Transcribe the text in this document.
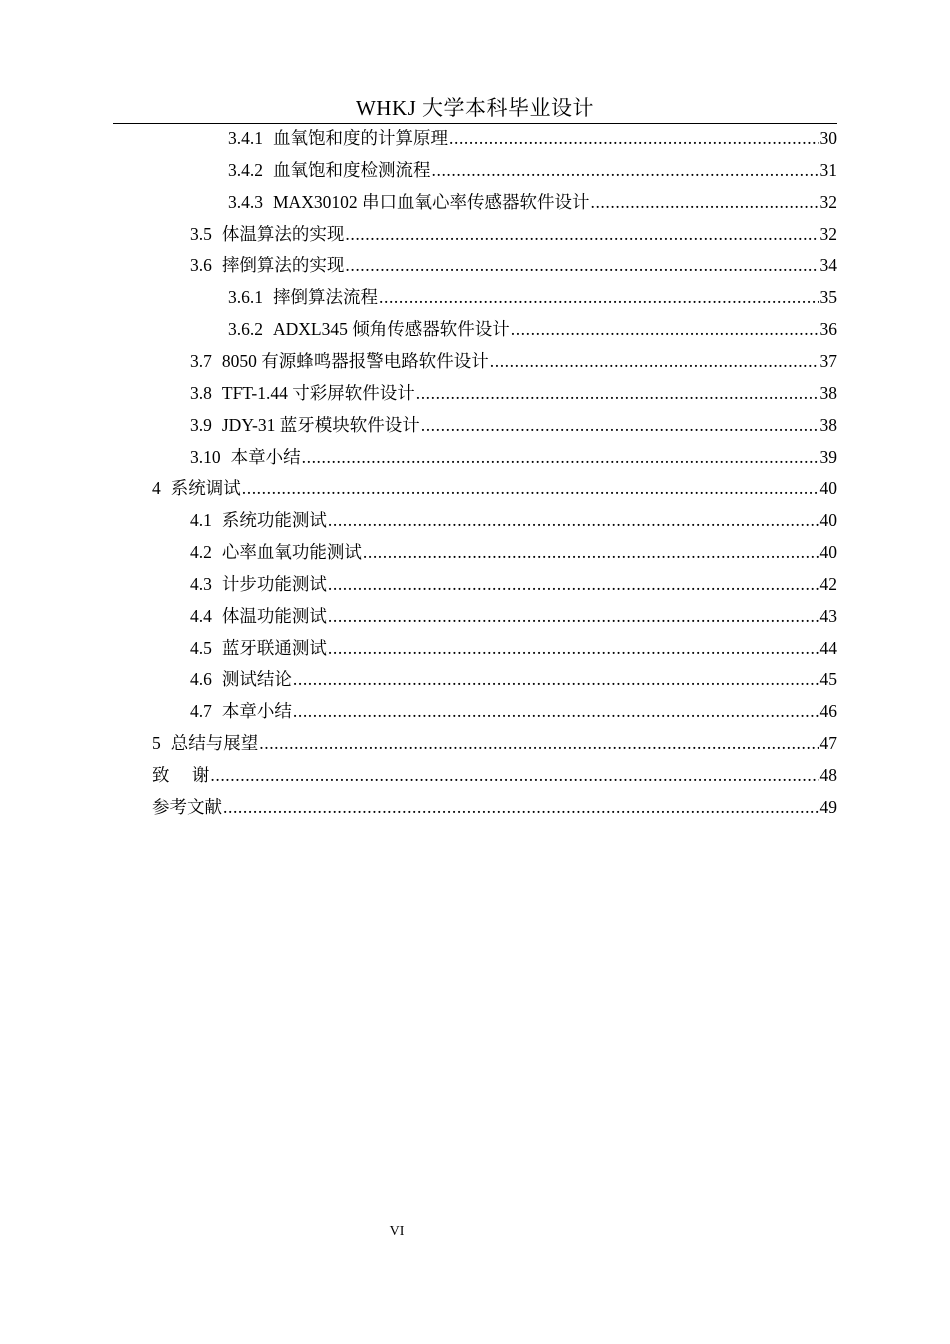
WHKJ 大学本科毕业设计
3.4.1 血氧饱和度的计算原理 .....	30
3.4.2 血氧饱和度检测流程 .....	31
3.4.3 MAX30102 串口血氧心率传感器软件设计 .....	32
3.5 体温算法的实现 .....	32
3.6 摔倒算法的实现 .....	34
3.6.1 摔倒算法流程 .....	35
3.6.2 ADXL345 倾角传感器软件设计 .....	36
3.7 8050 有源蜂鸣器报警电路软件设计 .....	37
3.8 TFT-1.44 寸彩屏软件设计 .....	38
3.9 JDY-31 蓝牙模块软件设计 .....	38
3.10 本章小结 .....	39
4 系统调试 .....	40
4.1 系统功能测试 .....	40
4.2 心率血氧功能测试 .....	40
4.3 计步功能测试 .....	42
4.4 体温功能测试 .....	43
4.5 蓝牙联通测试 .....	44
4.6 测试结论 .....	45
4.7 本章小结 .....	46
5 总结与展望 .....	47
致 谢 .....	48
参考文献 .....	49
VI
